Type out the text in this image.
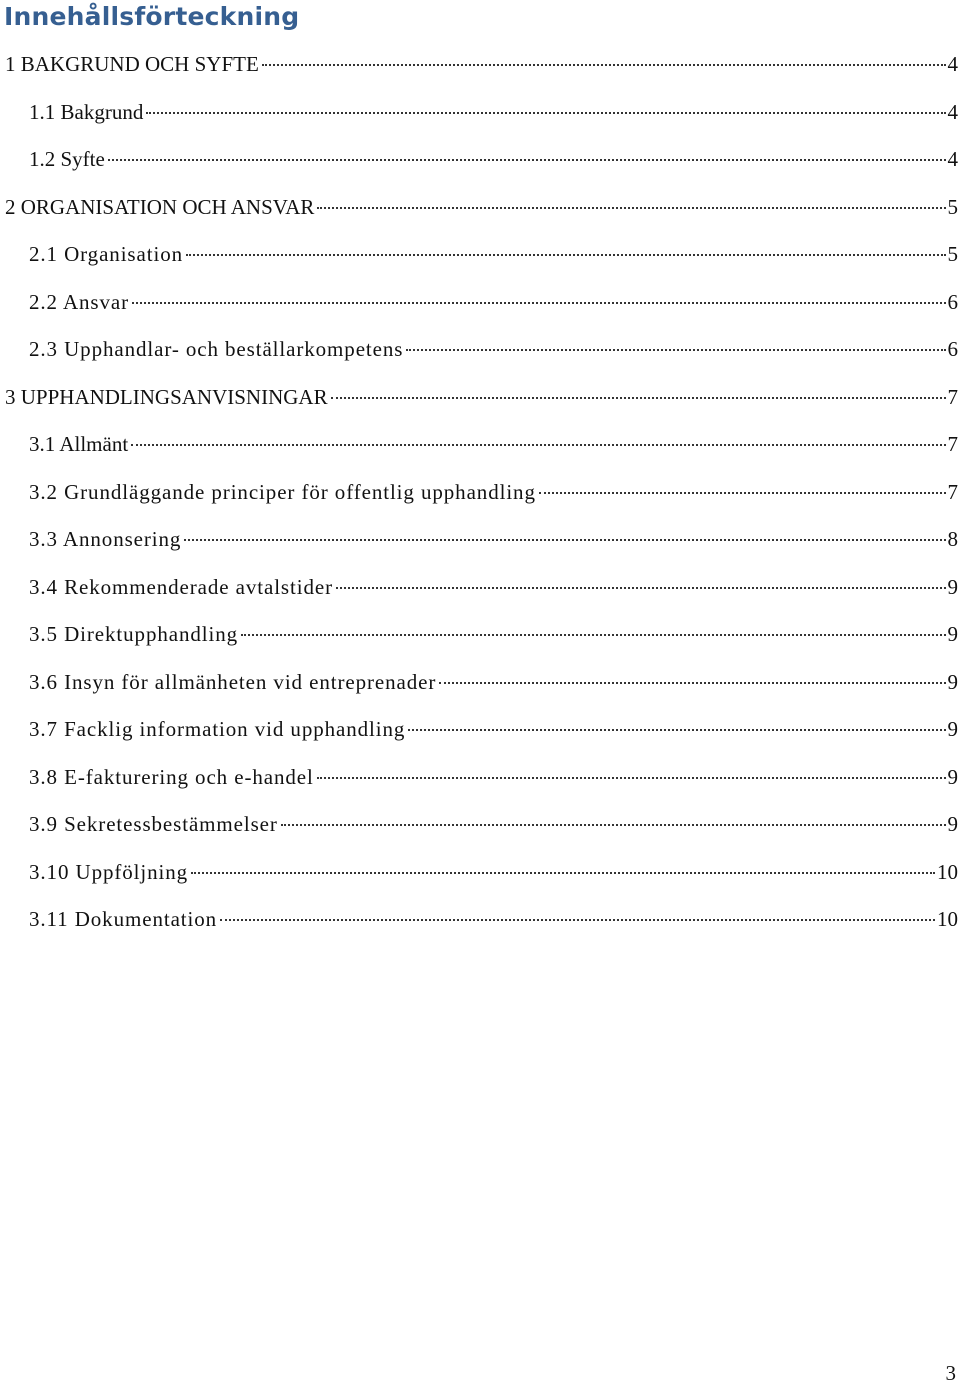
Innehållsförteckning
1 BAKGRUND OCH SYFTE	4
1.1 Bakgrund	4
1.2 Syfte	4
2 ORGANISATION OCH ANSVAR	5
2.1 Organisation	5
2.2 Ansvar	6
2.3 Upphandlar- och beställarkompetens	6
3 UPPHANDLINGSANVISNINGAR	7
3.1 Allmänt	7
3.2 Grundläggande principer för offentlig upphandling	7
3.3 Annonsering	8
3.4 Rekommenderade avtalstider	9
3.5 Direktupphandling	9
3.6 Insyn för allmänheten vid entreprenader	9
3.7 Facklig information vid upphandling	9
3.8 E-fakturering och e-handel	9
3.9 Sekretessbestämmelser	9
3.10 Uppföljning	10
3.11 Dokumentation	10
3
